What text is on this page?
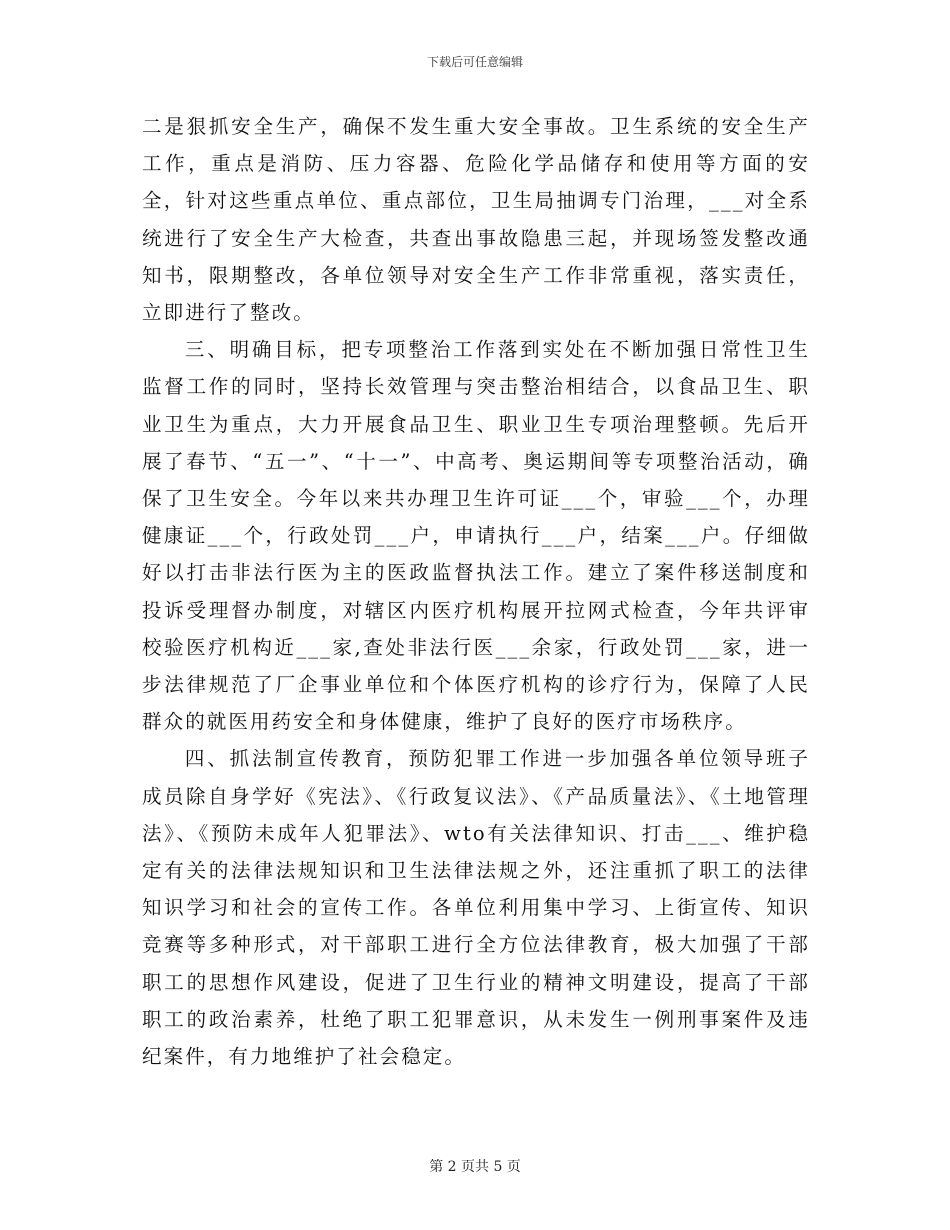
下载后可任意编辑

二是狠抓安全生产，确保不发生重大安全事故。卫生系统的安全生产工作，重点是消防、压力容器、危险化学品储存和使用等方面的安全，针对这些重点单位、重点部位，卫生局抽调专门治理，___对全系统进行了安全生产大检查，共查出事故隐患三起，并现场签发整改通知书，限期整改，各单位领导对安全生产工作非常重视，落实责任，立即进行了整改。

三、明确目标，把专项整治工作落到实处在不断加强日常性卫生监督工作的同时，坚持长效管理与突击整治相结合，以食品卫生、职业卫生为重点，大力开展食品卫生、职业卫生专项治理整顿。先后开展了春节、“五一”、“十一”、中高考、奥运期间等专项整治活动，确保了卫生安全。今年以来共办理卫生许可证___个，审验___个，办理健康证___个，行政处罚___户，申请执行___户，结案___户。仔细做好以打击非法行医为主的医政监督执法工作。建立了案件移送制度和投诉受理督办制度，对辖区内医疗机构展开拉网式检查，今年共评审校验医疗机构近___家,查处非法行医___余家，行政处罚___家，进一步法律规范了厂企事业单位和个体医疗机构的诊疗行为，保障了人民群众的就医用药安全和身体健康，维护了良好的医疗市场秩序。

四、抓法制宣传教育，预防犯罪工作进一步加强各单位领导班子成员除自身学好《宪法》、《行政复议法》、《产品质量法》、《土地管理法》、《预防未成年人犯罪法》、wto有关法律知识、打击___、维护稳定有关的法律法规知识和卫生法律法规之外，还注重抓了职工的法律知识学习和社会的宣传工作。各单位利用集中学习、上街宣传、知识竞赛等多种形式，对干部职工进行全方位法律教育，极大加强了干部职工的思想作风建设，促进了卫生行业的精神文明建设，提高了干部职工的政治素养，杜绝了职工犯罪意识，从未发生一例刑事案件及违纪案件，有力地维护了社会稳定。

第 2 页共 5 页
